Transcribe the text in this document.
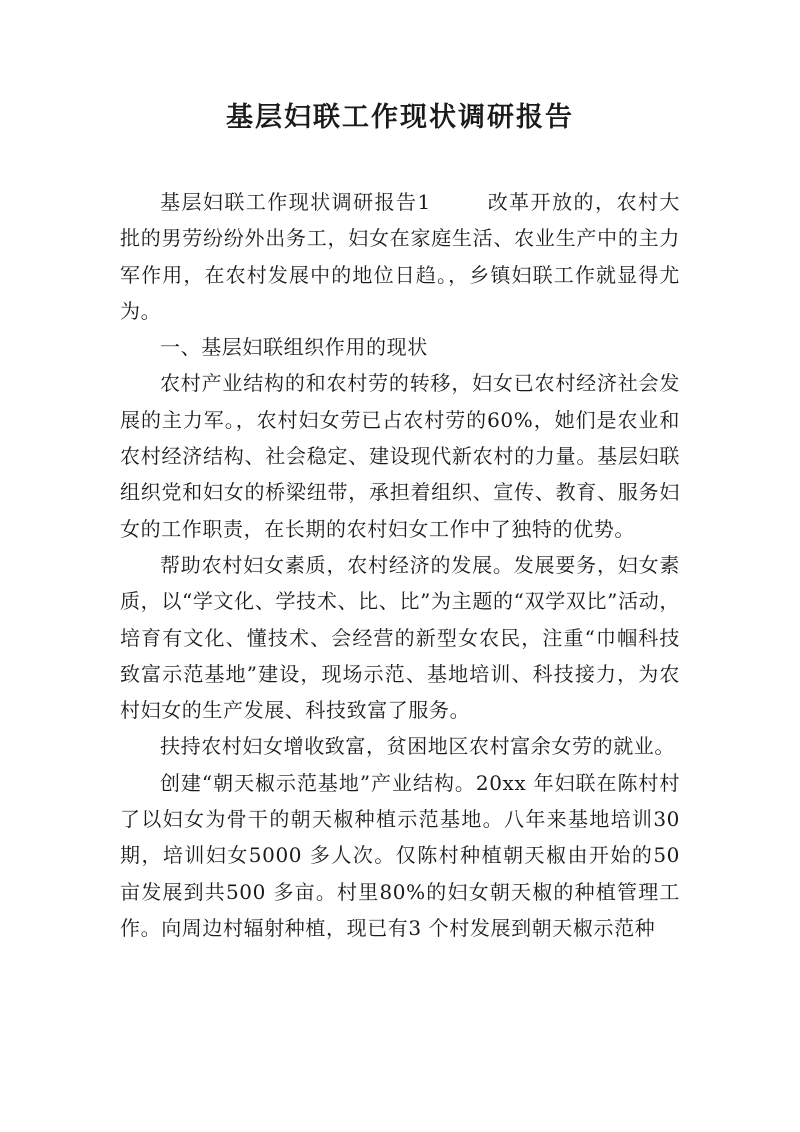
基层妇联工作现状调研报告

基层妇联工作现状调研报告1	改革开放的，农村大批的男劳纷纷外出务工，妇女在家庭生活、农业生产中的主力军作用，在农村发展中的地位日趋。，乡镇妇联工作就显得尤为。

一、基层妇联组织作用的现状

农村产业结构的和农村劳的转移，妇女已农村经济社会发展的主力军。，农村妇女劳已占农村劳的60%，她们是农业和农村经济结构、社会稳定、建设现代新农村的力量。基层妇联组织党和妇女的桥梁纽带，承担着组织、宣传、教育、服务妇女的工作职责，在长期的农村妇女工作中了独特的优势。

帮助农村妇女素质，农村经济的发展。发展要务，妇女素质，以“学文化、学技术、比、比”为主题的“双学双比”活动，培育有文化、懂技术、会经营的新型女农民，注重“巾帼科技致富示范基地”建设，现场示范、基地培训、科技接力，为农村妇女的生产发展、科技致富了服务。

扶持农村妇女增收致富，贫困地区农村富余女劳的就业。

创建“朝天椒示范基地”产业结构。20xx 年妇联在陈村村了以妇女为骨干的朝天椒种植示范基地。八年来基地培训30 期，培训妇女5000 多人次。仅陈村种植朝天椒由开始的50 亩发展到共500 多亩。村里80%的妇女朝天椒的种植管理工作。向周边村辐射种植，现已有3 个村发展到朝天椒示范种
